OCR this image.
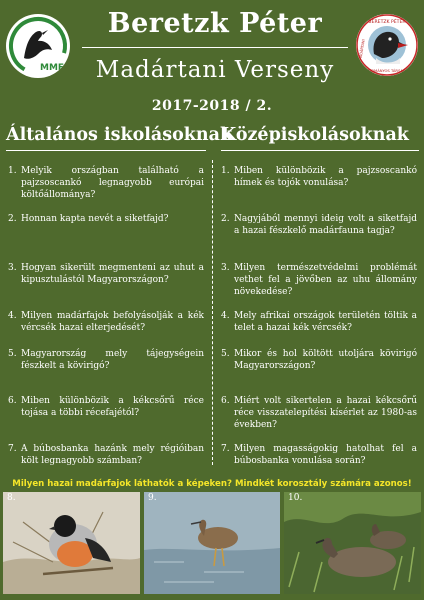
MME
BERETZK PÉTER
MADÁRTANI
TUDOMÁNYOS TÁRSASÁG
Beretzk Péter
Madártani Verseny
2017-2018 / 2.
Általános iskolásoknak
Középiskolásoknak
1. Melyik országban található a pajzsoscankó legnagyobb európai költőállománya?
2. Honnan kapta nevét a siketfajd?
3. Hogyan sikerült megmenteni az uhut a kipusztulástól Magyarországon?
4. Milyen madárfajok befolyásolják a kék vércsék hazai elterjedését?
5. Magyarország mely tájegységein fészkelt a kövirigó?
6. Miben különbözik a kékcsőrű réce tojása a többi récefajétól?
7. A búbosbanka hazánk mely régióiban költ legnagyobb számban?
1. Miben különbözik a pajzsoscankó hímek és tojók vonulása?
2. Nagyjából mennyi ideig volt a siketfajd a hazai fészkelő madárfauna tagja?
3. Milyen természetvédelmi problémát vethet fel a jövőben az uhu állomány növekedése?
4. Mely afrikai országok területén töltik a telet a hazai kék vércsék?
5. Mikor és hol költött utoljára kövirigó Magyarországon?
6. Miért volt sikertelen a hazai kékcsőrű réce visszatelepítési kísérlet az 1980-as években?
7. Milyen magasságokig hatolhat fel a búbosbanka vonulása során?
Milyen hazai madárfajok láthatók a képeken? Mindkét korosztály számára azonos!
8.	9.	10.
